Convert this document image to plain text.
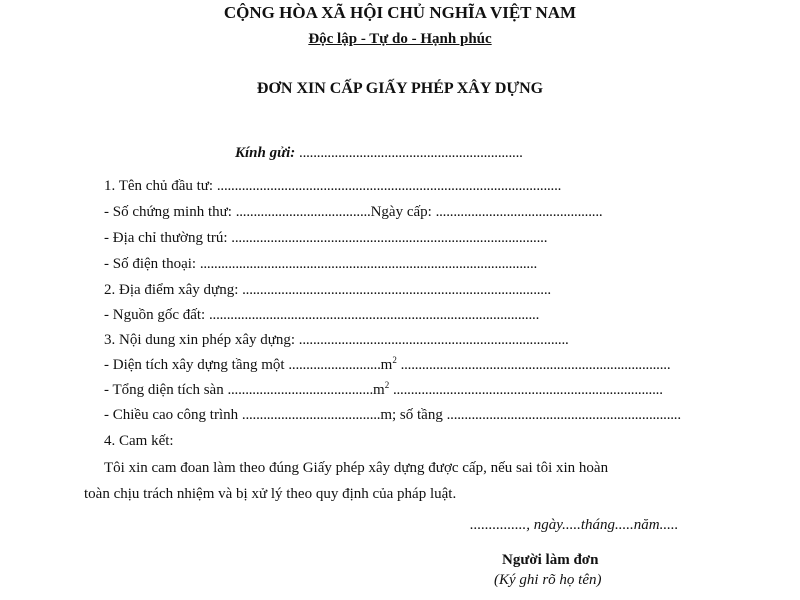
CỘNG HÒA XÃ HỘI CHỦ NGHĨA VIỆT NAM
Độc lập - Tự do - Hạnh phúc
ĐƠN XIN CẤP GIẤY PHÉP XÂY DỰNG
Kính gửi: ...............................................................
1. Tên chủ đầu tư: .................................................................................................
- Số chứng minh thư: ......................................Ngày cấp: ...............................................
- Địa chỉ thường trú: .........................................................................................
- Số điện thoại: ...............................................................................................
2. Địa điểm xây dựng: .......................................................................................
- Nguồn gốc đất: .............................................................................................
3. Nội dung xin phép xây dựng: ............................................................................
- Diện tích xây dựng tầng một $..........................m^2$ ............................................................................
- Tổng diện tích sàn $.........................................m^2$ ............................................................................
- Chiều cao công trình .......................................m; số tầng ..................................................................
4. Cam kết:
Tôi xin cam đoan làm theo đúng Giấy phép xây dựng được cấp, nếu sai tôi xin hoàn
toàn chịu trách nhiệm và bị xử lý theo quy định của pháp luật.
..............., ngày.....tháng.....năm.....
Người làm đơn
(Ký ghi rõ họ tên)
